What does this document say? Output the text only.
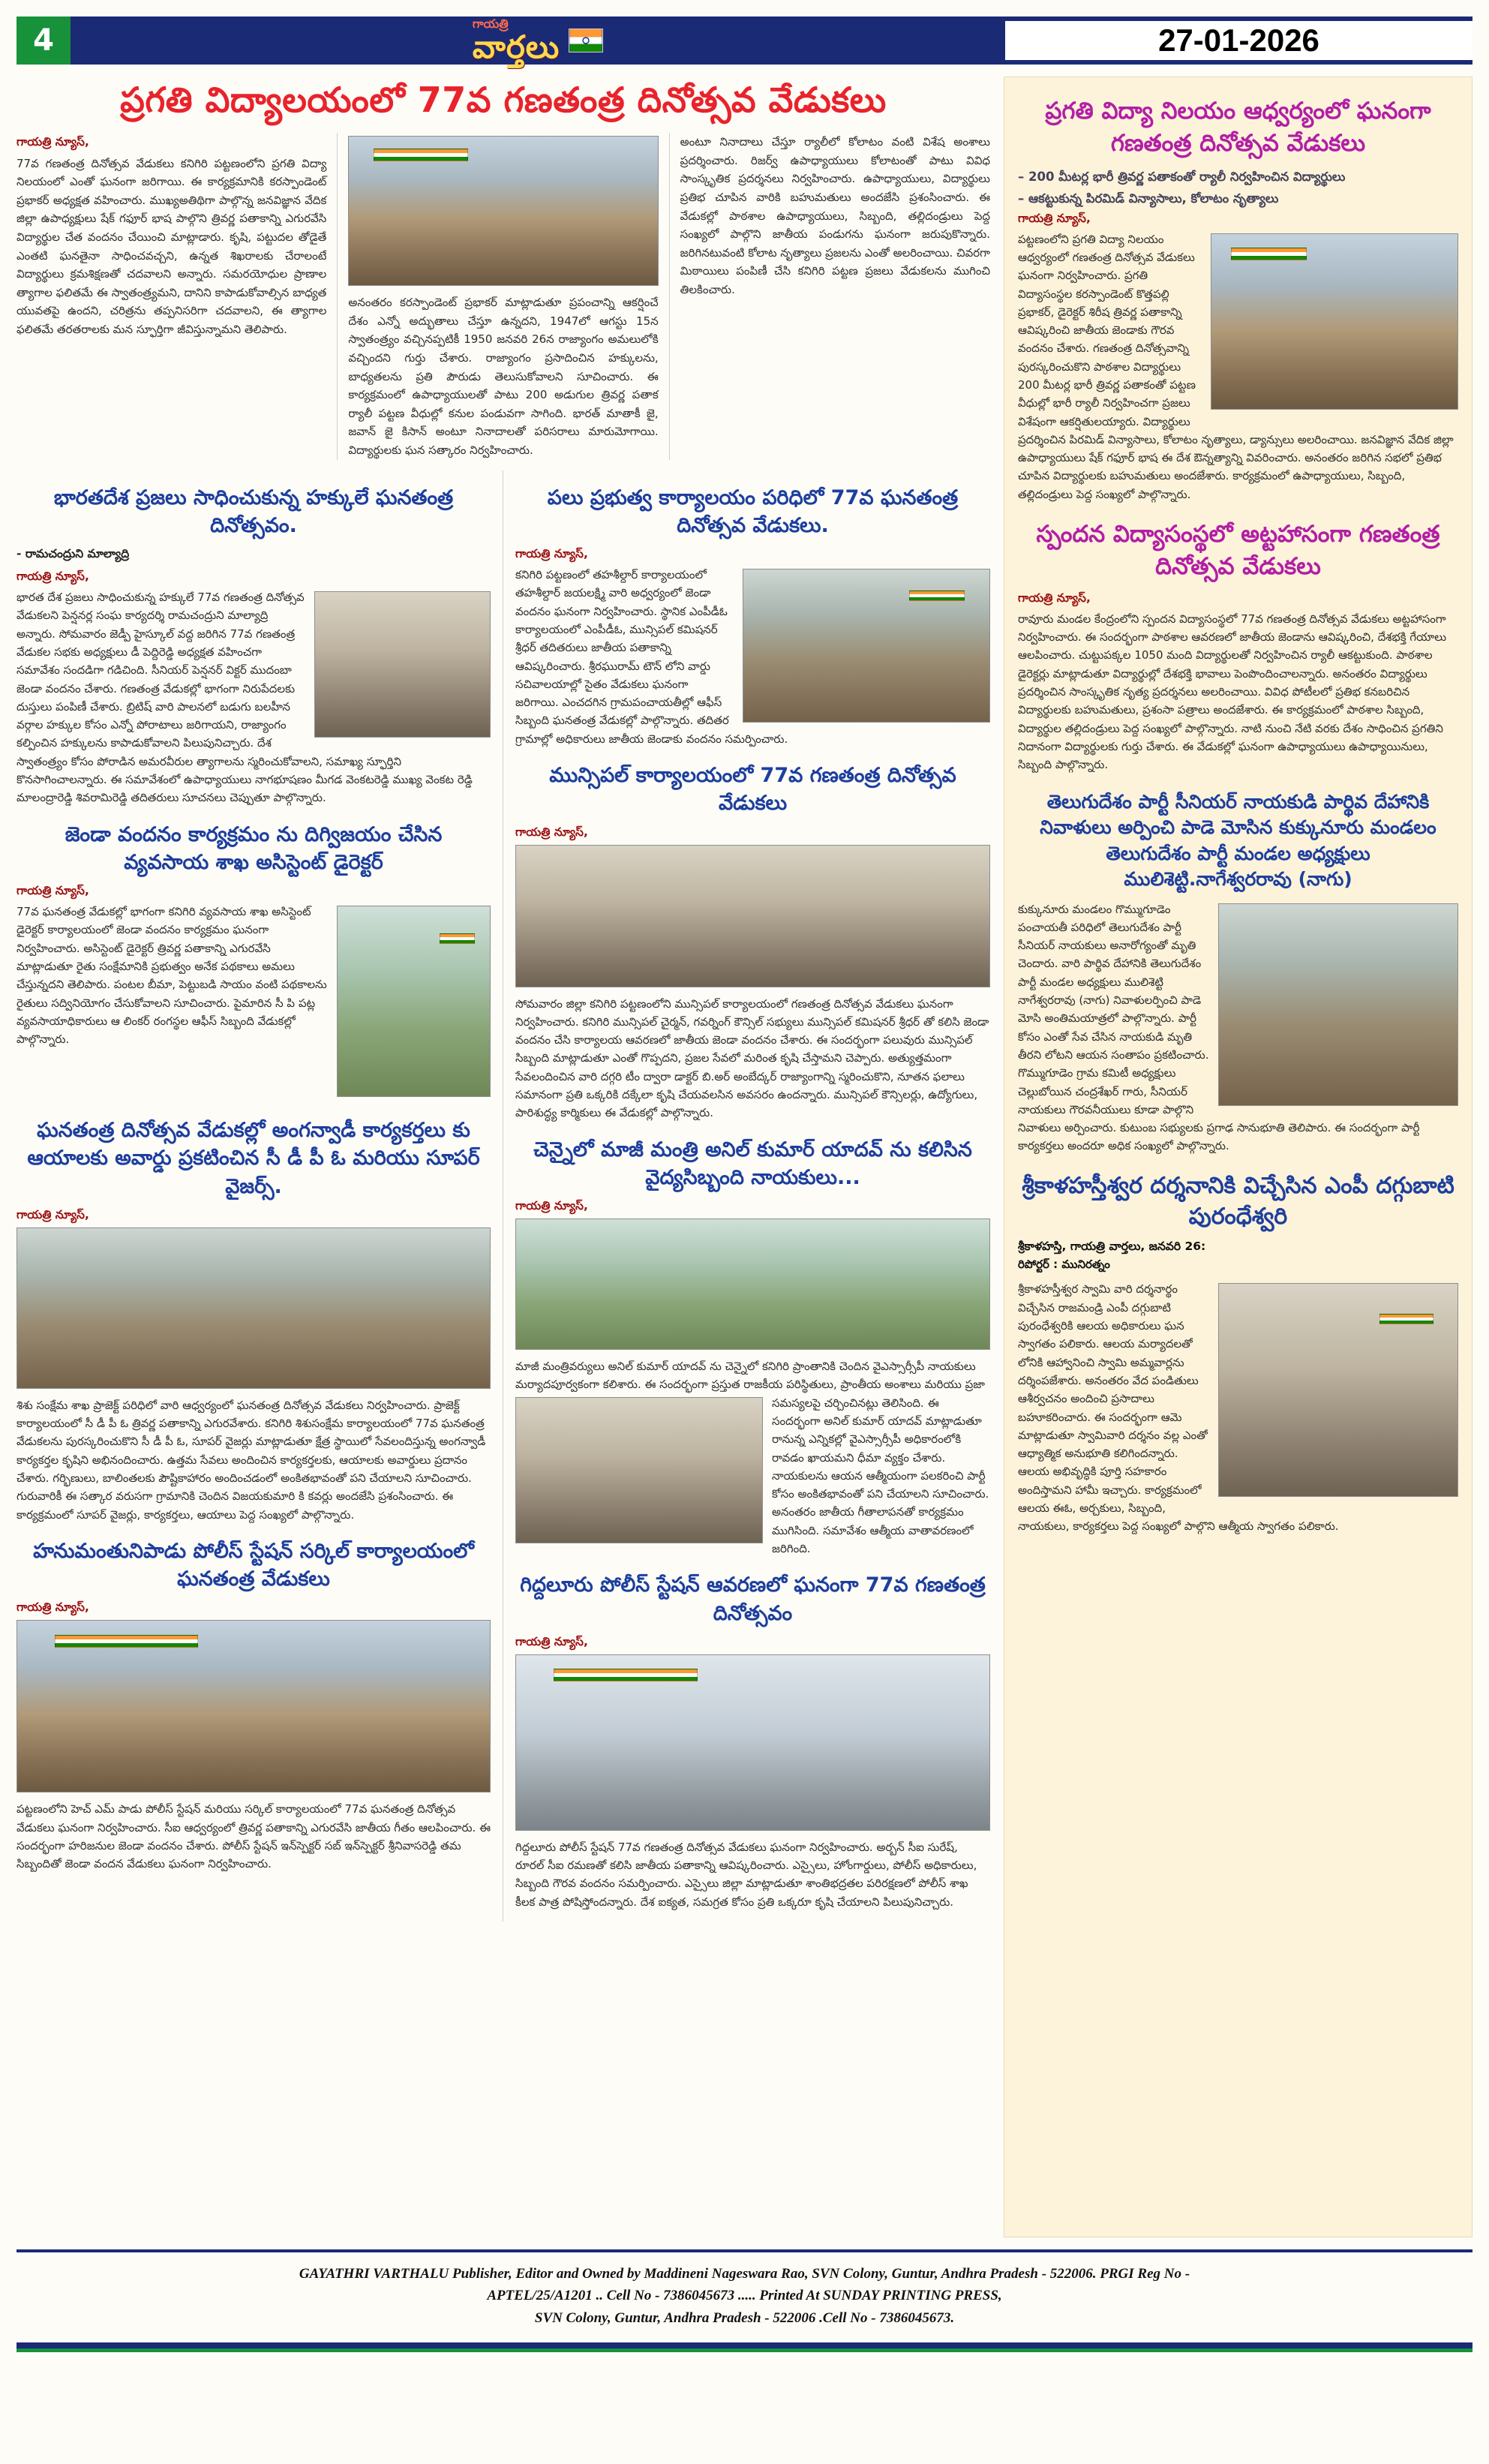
4	గాయత్రి
వార్తలు	27-01-2026
ప్రగతి విద్యాలయంలో 77వ గణతంత్ర దినోత్సవ వేడుకలు

గాయత్రి న్యూస్,

77వ గణతంత్ర దినోత్సవ వేడుకలు కనిగిరి పట్టణంలోని ప్రగతి విద్యా నిలయంలో ఎంతో ఘనంగా జరిగాయి. ఈ కార్యక్రమానికి కరస్పాండెంట్ ప్రభాకర్ అధ్యక్షత వహించారు. ముఖ్యఅతిథిగా పాల్గొన్న జనవిజ్ఞాన వేదిక జిల్లా ఉపాధ్యక్షులు షేక్ గఫూర్ భాష పాల్గొని త్రివర్ణ పతాకాన్ని ఎగురవేసి విద్యార్థుల చేత వందనం చేయించి మాట్లాడారు. కృషి, పట్టుదల తోడైతే ఎంతటి ఘనతైనా సాధించవచ్చని, ఉన్నత శిఖరాలకు చేరాలంటే విద్యార్థులు క్రమశిక్షణతో చదవాలని అన్నారు. సమరయోధుల ప్రాణాల త్యాగాల ఫలితమే ఈ స్వాతంత్ర్యమని, దానిని కాపాడుకోవాల్సిన బాధ్యత యువతపై ఉందని, చరిత్రను తప్పనిసరిగా చదవాలని, ఈ త్యాగాల ఫలితమే తరతరాలకు మన స్ఫూర్తిగా జీవిస్తున్నామని తెలిపారు.
అనంతరం కరస్పాండెంట్ ప్రభాకర్ మాట్లాడుతూ ప్రపంచాన్ని ఆకర్షించే దేశం ఎన్నో అద్భుతాలు చేస్తూ ఉన్నదని, 1947లో ఆగస్టు 15న స్వాతంత్ర్యం వచ్చినప్పటికీ 1950 జనవరి 26న రాజ్యాంగం అమలులోకి వచ్చిందని గుర్తు చేశారు. రాజ్యాంగం ప్రసాదించిన హక్కులను, బాధ్యతలను ప్రతి పౌరుడు తెలుసుకోవాలని సూచించారు. ఈ కార్యక్రమంలో ఉపాధ్యాయులతో పాటు 200 అడుగుల త్రివర్ణ పతాక ర్యాలీ పట్టణ వీధుల్లో కనుల పండువగా సాగింది. భారత్ మాతాకీ జై, జవాన్ జై కిసాన్ అంటూ నినాదాలతో పరిసరాలు మారుమోగాయి. విద్యార్థులకు ఘన సత్కారం నిర్వహించారు.
అంటూ నినాదాలు చేస్తూ ర్యాలీలో కోలాటం వంటి విశేష అంశాలు ప్రదర్శించారు. రిజర్వ్ ఉపాధ్యాయులు కోలాటంతో పాటు వివిధ సాంస్కృతిక ప్రదర్శనలు నిర్వహించారు. ఉపాధ్యాయులు, విద్యార్థులు ప్రతిభ చూపిన వారికి బహుమతులు అందజేసి ప్రశంసించారు. ఈ వేడుకల్లో పాఠశాల ఉపాధ్యాయులు, సిబ్బంది, తల్లిదండ్రులు పెద్ద సంఖ్యలో పాల్గొని జాతీయ పండుగను ఘనంగా జరుపుకొన్నారు. జరిగినటువంటి కోలాట నృత్యాలు ప్రజలను ఎంతో అలరించాయి. చివరగా మిఠాయిలు పంపిణీ చేసి కనిగిరి పట్టణ ప్రజలు వేడుకలను ముగించి తిలకించారు.
భారతదేశ ప్రజలు సాధించుకున్న హక్కులే ఘనతంత్ర దినోత్సవం.

- రామచంద్రుని మాల్యాద్రి

గాయత్రి న్యూస్,

భారత దేశ ప్రజలు సాధించుకున్న హక్కులే 77వ గణతంత్ర దినోత్సవ వేడుకలని పెన్షనర్ల సంఘ కార్యదర్శి రామచంద్రుని మాల్యాద్రి అన్నారు. సోమవారం జెడ్పీ హైస్కూల్ వద్ద జరిగిన 77వ గణతంత్ర వేడుకల సభకు అధ్యక్షులు డీ పెద్దిరెడ్డి అధ్యక్షత వహించగా సమావేశం సందడిగా గడిచింది. సీనియర్ పెన్షనర్ విక్టర్ ముదంబా జెండా వందనం చేశారు. గణతంత్ర వేడుకల్లో భాగంగా నిరుపేదలకు దుస్తులు పంపిణీ చేశారు. బ్రిటిష్ వారి పాలనలో బడుగు బలహీన వర్గాల హక్కుల కోసం ఎన్నో పోరాటాలు జరిగాయని, రాజ్యాంగం కల్పించిన హక్కులను కాపాడుకోవాలని పిలుపునిచ్చారు. దేశ స్వాతంత్ర్యం కోసం పోరాడిన అమరవీరుల త్యాగాలను స్మరించుకోవాలని, సమాఖ్య స్ఫూర్తిని కొనసాగించాలన్నారు. ఈ సమావేశంలో ఉపాధ్యాయులు నాగభూషణం మీగడ వెంకటరెడ్డి ముఖ్య వెంకట రెడ్డి మాలంద్రారెడ్డి శివరామిరెడ్డి తదితరులు సూచనలు చెప్పుతూ పాల్గొన్నారు.
జెండా వందనం కార్యక్రమం ను దిగ్విజయం చేసిన వ్యవసాయ శాఖ అసిస్టెంట్ డైరెక్టర్

గాయత్రి న్యూస్,

77వ ఘనతంత్ర వేడుకల్లో భాగంగా కనిగిరి వ్యవసాయ శాఖ అసిస్టెంట్ డైరెక్టర్ కార్యాలయంలో జెండా వందనం కార్యక్రమం ఘనంగా నిర్వహించారు. అసిస్టెంట్ డైరెక్టర్ త్రివర్ణ పతాకాన్ని ఎగురవేసి మాట్లాడుతూ రైతు సంక్షేమానికి ప్రభుత్వం అనేక పథకాలు అమలు చేస్తున్నదని తెలిపారు. పంటల బీమా, పెట్టుబడి సాయం వంటి పథకాలను రైతులు సద్వినియోగం చేసుకోవాలని సూచించారు. పైమారిన సీ పి పట్ల వ్యవసాయాధికారులు ఆ లింకర్ రంగస్థల ఆఫీస్ సిబ్బంది వేడుకల్లో పాల్గొన్నారు.
ఘనతంత్ర దినోత్సవ వేడుకల్లో అంగన్వాడీ కార్యకర్తలు కు ఆయాలకు అవార్డు ప్రకటించిన సీ డీ పీ ఓ మరియు సూపర్ వైజర్స్.

గాయత్రి న్యూస్,

శిశు సంక్షేమ శాఖ ప్రాజెక్ట్ పరిధిలో వారి ఆధ్వర్యంలో ఘనతంత్ర దినోత్సవ వేడుకలు నిర్వహించారు. ప్రాజెక్ట్ కార్యాలయంలో సీ డీ పీ ఓ త్రివర్ణ పతాకాన్ని ఎగురవేశారు. కనిగిరి శిశుసంక్షేమ కార్యాలయంలో 77వ ఘనతంత్ర వేడుకలను పురస్కరించుకొని సీ డీ పీ ఓ, సూపర్ వైజర్లు మాట్లాడుతూ క్షేత్ర స్థాయిలో సేవలందిస్తున్న అంగన్వాడీ కార్యకర్తల కృషిని అభినందించారు. ఉత్తమ సేవలు అందించిన కార్యకర్తలకు, ఆయాలకు అవార్డులు ప్రదానం చేశారు. గర్భిణులు, బాలింతలకు పౌష్టికాహారం అందించడంలో అంకితభావంతో పని చేయాలని సూచించారు. గురువారికీ ఈ సత్కార వరుసగా గ్రామానికి చెందిన విజయకుమారి కి కవర్లు అందజేసి ప్రశంసించారు. ఈ కార్యక్రమంలో సూపర్ వైజర్లు, కార్యకర్తలు, ఆయాలు పెద్ద సంఖ్యలో పాల్గొన్నారు.
హనుమంతునిపాడు పోలీస్ స్టేషన్ సర్కిల్ కార్యాలయంలో ఘనతంత్ర వేడుకలు

గాయత్రి న్యూస్,

పట్టణంలోని హెచ్ ఎమ్ పాడు పోలీస్ స్టేషన్ మరియు సర్కిల్ కార్యాలయంలో 77వ ఘనతంత్ర దినోత్సవ వేడుకలు ఘనంగా నిర్వహించారు. సీఐ ఆధ్వర్యంలో త్రివర్ణ పతాకాన్ని ఎగురవేసి జాతీయ గీతం ఆలపించారు. ఈ సందర్భంగా హరిజనుల జెండా వందనం చేశారు. పోలీస్ స్టేషన్ ఇన్‌స్పెక్టర్ సబ్ ఇన్‌స్పెక్టర్ శ్రీనివాసరెడ్డి తమ సిబ్బందితో జెండా వందన వేడుకలు ఘనంగా నిర్వహించారు.
పలు ప్రభుత్వ కార్యాలయం పరిధిలో 77వ ఘనతంత్ర దినోత్సవ వేడుకలు.

గాయత్రి న్యూస్,

కనిగిరి పట్టణంలో తహశీల్దార్ కార్యాలయంలో తహశీల్దార్ జయలక్ష్మి వారి అధ్వర్యంలో జెండా వందనం ఘనంగా నిర్వహించారు. స్థానిక ఎంపీడీఓ కార్యాలయంలో ఎంపీడీఓ, మున్సిపల్ కమిషనర్ శ్రీధర్ తదితరులు జాతీయ పతాకాన్ని ఆవిష్కరించారు. శ్రీరఘురామ్ టౌన్ లోని వార్డు సచివాలయాల్లో సైతం వేడుకలు ఘనంగా జరిగాయి. ఎంచదగిన గ్రామపంచాయతీల్లో ఆఫీస్ సిబ్బంది ఘనతంత్ర వేడుకల్లో పాల్గొన్నారు. తదితర గ్రామాల్లో అధికారులు జాతీయ జెండాకు వందనం సమర్పించారు.
మున్సిపల్ కార్యాలయంలో 77వ గణతంత్ర దినోత్సవ వేడుకలు

గాయత్రి న్యూస్,

సోమవారం జిల్లా కనిగిరి పట్టణంలోని మున్సిపల్ కార్యాలయంలో గణతంత్ర దినోత్సవ వేడుకలు ఘనంగా నిర్వహించారు. కనిగిరి మున్సిపల్ చైర్మన్, గవర్నింగ్ కౌన్సిల్ సభ్యులు మున్సిపల్ కమిషనర్ శ్రీధర్ తో కలిసి జెండా వందనం చేసి కార్యాలయ ఆవరణలో జాతీయ జెండా వందనం చేశారు. ఈ సందర్భంగా పలువురు మున్సిపల్ సిబ్బంది మాట్లాడుతూ ఎంతో గొప్పదని, ప్రజల సేవలో మరింత కృషి చేస్తామని చెప్పారు. అత్యుత్తమంగా సేవలందించిన వారి దగ్గరి టీం ద్వారా డాక్టర్ బి.అర్ అంబేద్కర్ రాజ్యాంగాన్ని స్మరించుకొని, నూతన ఫలాలు సమానంగా ప్రతి ఒక్కరికి దక్కేలా కృషి చేయవలసిన అవసరం ఉందన్నారు. మున్సిపల్ కౌన్సిలర్లు, ఉద్యోగులు, పారిశుద్ధ్య కార్మికులు ఈ వేడుకల్లో పాల్గొన్నారు.
చెన్నైలో మాజీ మంత్రి అనిల్ కుమార్ యాదవ్ ను కలిసిన వైద్యసిబ్బంది నాయకులు...

గాయత్రి న్యూస్,

మాజీ మంత్రివర్యులు అనిల్ కుమార్ యాదవ్ ను చెన్నైలో కనిగిరి ప్రాంతానికి చెందిన వైఎస్సార్సీపీ నాయకులు మర్యాదపూర్వకంగా కలిశారు. ఈ సందర్భంగా ప్రస్తుత రాజకీయ పరిస్థితులు, ప్రాంతీయ అంశాలు మరియు ప్రజా సమస్యలపై చర్చించినట్లు తెలిసింది. ఈ సందర్భంగా అనిల్ కుమార్ యాదవ్ మాట్లాడుతూ రానున్న ఎన్నికల్లో వైఎస్సార్సీపీ అధికారంలోకి రావడం ఖాయమని ధీమా వ్యక్తం చేశారు. నాయకులను ఆయన ఆత్మీయంగా పలకరించి పార్టీ కోసం అంకితభావంతో పని చేయాలని సూచించారు. అనంతరం జాతీయ గీతాలాపనతో కార్యక్రమం ముగిసింది. సమావేశం ఆత్మీయ వాతావరణంలో జరిగింది.
గిద్దలూరు పోలీస్ స్టేషన్ ఆవరణలో ఘనంగా 77వ గణతంత్ర దినోత్సవం

గాయత్రి న్యూస్,

గిద్దలూరు పోలీస్ స్టేషన్ 77వ గణతంత్ర దినోత్సవ వేడుకలు ఘనంగా నిర్వహించారు. అర్బన్ సీఐ సురేష్, రూరల్ సీఐ రమణతో కలిసి జాతీయ పతాకాన్ని ఆవిష్కరించారు. ఎస్సైలు, హోంగార్డులు, పోలీస్ అధికారులు, సిబ్బంది గౌరవ వందనం సమర్పించారు. ఎస్సైలు జిల్లా మాట్లాడుతూ శాంతిభద్రతల పరిరక్షణలో పోలీస్ శాఖ కీలక పాత్ర పోషిస్తోందన్నారు. దేశ ఐక్యత, సమగ్రత కోసం ప్రతి ఒక్కరూ కృషి చేయాలని పిలుపునిచ్చారు.
ప్రగతి విద్యా నిలయం ఆధ్వర్యంలో ఘనంగా గణతంత్ర దినోత్సవ వేడుకలు

– 200 మీటర్ల భారీ త్రివర్ణ పతాకంతో ర్యాలీ నిర్వహించిన విద్యార్థులు

– ఆకట్టుకున్న పిరమిడ్ విన్యాసాలు, కోలాటం నృత్యాలు

గాయత్రి న్యూస్,

పట్టణంలోని ప్రగతి విద్యా నిలయం ఆధ్వర్యంలో గణతంత్ర దినోత్సవ వేడుకలు ఘనంగా నిర్వహించారు. ప్రగతి విద్యాసంస్థల కరస్పాండెంట్ కొత్తపల్లి ప్రభాకర్, డైరెక్టర్ శిరీష త్రివర్ణ పతాకాన్ని ఆవిష్కరించి జాతీయ జెండాకు గౌరవ వందనం చేశారు. గణతంత్ర దినోత్సవాన్ని పురస్కరించుకొని పాఠశాల విద్యార్థులు 200 మీటర్ల భారీ త్రివర్ణ పతాకంతో పట్టణ వీధుల్లో భారీ ర్యాలీ నిర్వహించగా ప్రజలు విశేషంగా ఆకర్షితులయ్యారు. విద్యార్థులు ప్రదర్శించిన పిరమిడ్ విన్యాసాలు, కోలాటం నృత్యాలు, డ్యాన్సులు అలరించాయి. జనవిజ్ఞాన వేదిక జిల్లా ఉపాధ్యాయులు షేక్ గఫూర్ భాష ఈ దేశ ఔన్నత్యాన్ని వివరించారు. అనంతరం జరిగిన సభలో ప్రతిభ చూపిన విద్యార్థులకు బహుమతులు అందజేశారు. కార్యక్రమంలో ఉపాధ్యాయులు, సిబ్బంది, తల్లిదండ్రులు పెద్ద సంఖ్యలో పాల్గొన్నారు.
స్పందన విద్యాసంస్థలో అట్టహాసంగా గణతంత్ర దినోత్సవ వేడుకలు

గాయత్రి న్యూస్,

రావూరు మండల కేంద్రంలోని స్పందన విద్యాసంస్థలో 77వ గణతంత్ర దినోత్సవ వేడుకలు అట్టహాసంగా నిర్వహించారు. ఈ సందర్భంగా పాఠశాల ఆవరణలో జాతీయ జెండాను ఆవిష్కరించి, దేశభక్తి గేయాలు ఆలపించారు. చుట్టుపక్కల 1050 మంది విద్యార్థులతో నిర్వహించిన ర్యాలీ ఆకట్టుకుంది. పాఠశాల డైరెక్టర్లు మాట్లాడుతూ విద్యార్థుల్లో దేశభక్తి భావాలు పెంపొందించాలన్నారు. అనంతరం విద్యార్థులు ప్రదర్శించిన సాంస్కృతిక నృత్య ప్రదర్శనలు అలరించాయి. వివిధ పోటీలలో ప్రతిభ కనబరిచిన విద్యార్థులకు బహుమతులు, ప్రశంసా పత్రాలు అందజేశారు. ఈ కార్యక్రమంలో పాఠశాల సిబ్బంది, విద్యార్థుల తల్లిదండ్రులు పెద్ద సంఖ్యలో పాల్గొన్నారు. నాటి నుంచి నేటి వరకు దేశం సాధించిన ప్రగతిని నిదానంగా విద్యార్థులకు గుర్తు చేశారు. ఈ వేడుకల్లో ఘనంగా ఉపాధ్యాయులు ఉపాధ్యాయినులు, సిబ్బంది పాల్గొన్నారు.
తెలుగుదేశం పార్టీ సీనియర్ నాయకుడి పార్థివ దేహానికి నివాళులు అర్పించి పాడె మోసిన కుక్కునూరు మండలం తెలుగుదేశం పార్టీ మండల అధ్యక్షులు ములిశెట్టి.నాగేశ్వరరావు (నాగు)
కుక్కునూరు మండలం గొమ్ముగూడెం పంచాయతీ పరిధిలో తెలుగుదేశం పార్టీ సీనియర్ నాయకులు అనారోగ్యంతో మృతి చెందారు. వారి పార్థివ దేహానికి తెలుగుదేశం పార్టీ మండల అధ్యక్షులు ములిశెట్టి నాగేశ్వరరావు (నాగు) నివాళులర్పించి పాడె మోసి అంతిమయాత్రలో పాల్గొన్నారు. పార్టీ కోసం ఎంతో సేవ చేసిన నాయకుడి మృతి తీరని లోటని ఆయన సంతాపం ప్రకటించారు. గొమ్ముగూడెం గ్రామ కమిటీ అధ్యక్షులు చెల్లుబోయిన చంద్రశేఖర్ గారు, సీనియర్ నాయకులు గౌరవనీయులు కూడా పాల్గొని నివాళులు అర్పించారు. కుటుంబ సభ్యులకు ప్రగాఢ సానుభూతి తెలిపారు. ఈ సందర్భంగా పార్టీ కార్యకర్తలు అందరూ అధిక సంఖ్యలో పాల్గొన్నారు.
శ్రీకాళహస్తీశ్వర దర్శనానికి విచ్చేసిన ఎంపీ దగ్గుబాటి పురంధేశ్వరి

శ్రీకాళహస్తి, గాయత్రి వార్తలు, జనవరి 26:

రిపోర్టర్ : మునిరత్నం

శ్రీకాళహస్తీశ్వర స్వామి వారి దర్శనార్థం విచ్చేసిన రాజమండ్రి ఎంపీ దగ్గుబాటి పురంధేశ్వరికి ఆలయ అధికారులు ఘన స్వాగతం పలికారు. ఆలయ మర్యాదలతో లోనికి ఆహ్వానించి స్వామి అమ్మవార్లను దర్శింపజేశారు. అనంతరం వేద పండితులు ఆశీర్వచనం అందించి ప్రసాదాలు బహూకరించారు. ఈ సందర్భంగా ఆమె మాట్లాడుతూ స్వామివారి దర్శనం వల్ల ఎంతో ఆధ్యాత్మిక అనుభూతి కలిగిందన్నారు. ఆలయ అభివృద్ధికి పూర్తి సహకారం అందిస్తామని హామీ ఇచ్చారు. కార్యక్రమంలో ఆలయ ఈఓ, అర్చకులు, సిబ్బంది, నాయకులు, కార్యకర్తలు పెద్ద సంఖ్యలో పాల్గొని ఆత్మీయ స్వాగతం పలికారు.
GAYATHRI VARTHALU Publisher, Editor and Owned by Maddineni Nageswara Rao, SVN Colony, Guntur, Andhra Pradesh - 522006. PRGI Reg No -
APTEL/25/A1201 .. Cell No - 7386045673 ..... Printed At SUNDAY PRINTING PRESS,
SVN Colony, Guntur, Andhra Pradesh - 522006 .Cell No - 7386045673.
